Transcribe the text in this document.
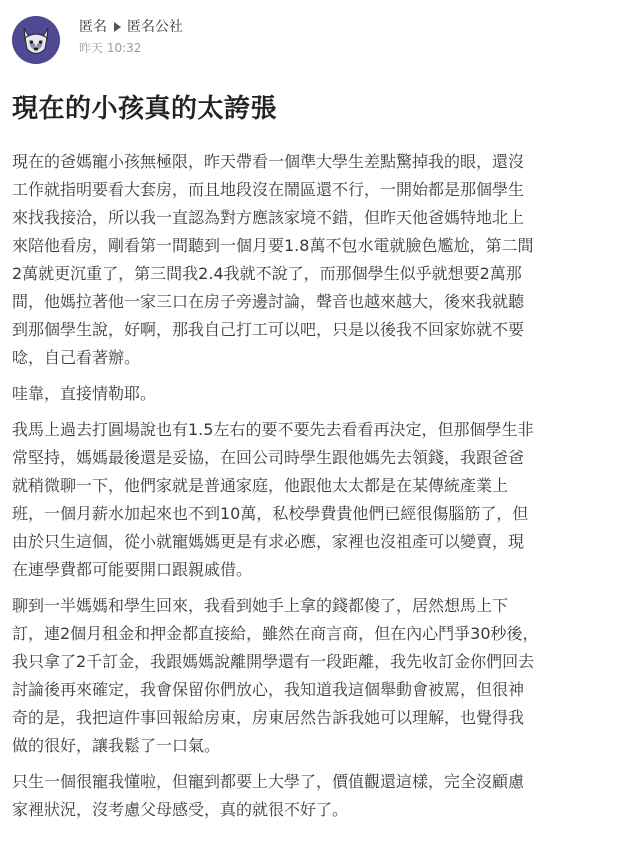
匿名 匿名公社
昨天 10:32
現在的小孩真的太誇張

現在的爸媽寵小孩無極限，昨天帶看一個準大學生差點驚掉我的眼，還沒
工作就指明要看大套房，而且地段沒在鬧區還不行，一開始都是那個學生
來找我接洽，所以我一直認為對方應該家境不錯，但昨天他爸媽特地北上
來陪他看房，剛看第一間聽到一個月要1.8萬不包水電就臉色尷尬，第二間
2萬就更沉重了，第三間我2.4我就不說了，而那個學生似乎就想要2萬那
間，他媽拉著他一家三口在房子旁邊討論，聲音也越來越大，後來我就聽
到那個學生說，好啊，那我自己打工可以吧，只是以後我不回家妳就不要
唸，自己看著辦。

哇靠，直接情勒耶。

我馬上過去打圓場說也有1.5左右的要不要先去看看再決定，但那個學生非
常堅持，媽媽最後還是妥協，在回公司時學生跟他媽先去領錢，我跟爸爸
就稍微聊一下，他們家就是普通家庭，他跟他太太都是在某傳統產業上
班，一個月薪水加起來也不到10萬，私校學費貴他們已經很傷腦筋了，但
由於只生這個，從小就寵媽媽更是有求必應，家裡也沒祖產可以變賣，現
在連學費都可能要開口跟親戚借。

聊到一半媽媽和學生回來，我看到她手上拿的錢都傻了，居然想馬上下
訂，連2個月租金和押金都直接給，雖然在商言商，但在內心鬥爭30秒後，
我只拿了2千訂金，我跟媽媽說離開學還有一段距離，我先收訂金你們回去
討論後再來確定，我會保留你們放心，我知道我這個舉動會被罵，但很神
奇的是，我把這件事回報給房東，房東居然告訴我她可以理解，也覺得我
做的很好，讓我鬆了一口氣。

只生一個很寵我懂啦，但寵到都要上大學了，價值觀還這樣，完全沒顧慮
家裡狀況，沒考慮父母感受，真的就很不好了。
